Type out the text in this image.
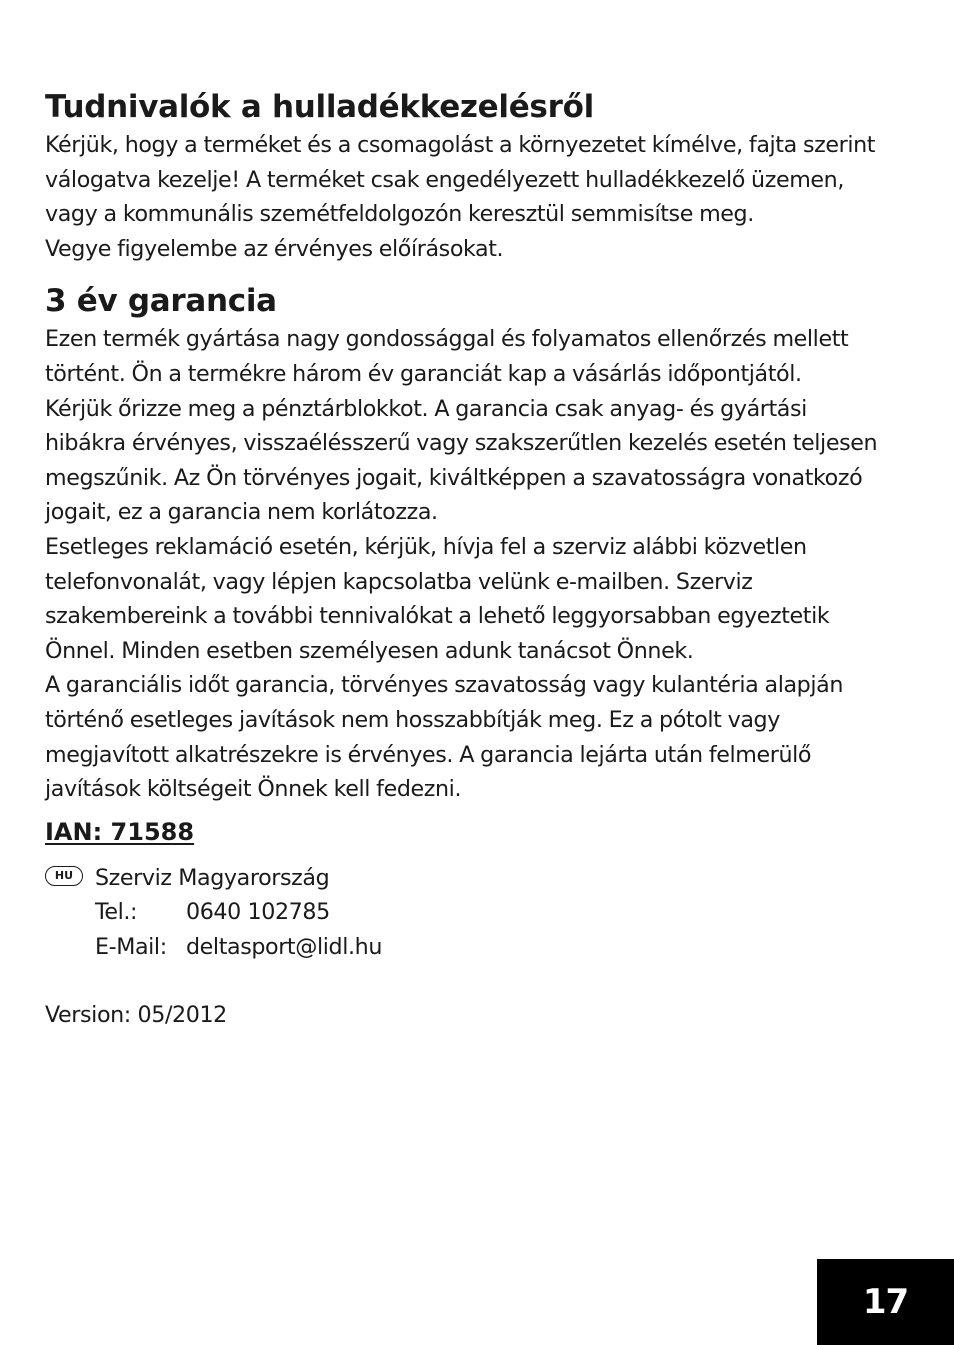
Tudnivalók a hulladékkezelésről

Kérjük, hogy a terméket és a csomagolást a környezetet kímélve, fajta szerint
válogatva kezelje! A terméket csak engedélyezett hulladékkezelő üzemen,
vagy a kommunális szemétfeldolgozón keresztül semmisítse meg.
Vegye figyelembe az érvényes előírásokat.

3 év garancia

Ezen termék gyártása nagy gondossággal és folyamatos ellenőrzés mellett
történt. Ön a termékre három év garanciát kap a vásárlás időpontjától.
Kérjük őrizze meg a pénztárblokkot. A garancia csak anyag- és gyártási
hibákra érvényes, visszaélésszerű vagy szakszerűtlen kezelés esetén teljesen
megszűnik. Az Ön törvényes jogait, kiváltképpen a szavatosságra vonatkozó
jogait, ez a garancia nem korlátozza.
Esetleges reklamáció esetén, kérjük, hívja fel a szerviz alábbi közvetlen
telefonvonalát, vagy lépjen kapcsolatba velünk e-mailben. Szerviz
szakembereink a további tennivalókat a lehető leggyorsabban egyeztetik
Önnel. Minden esetben személyesen adunk tanácsot Önnek.
A garanciális időt garancia, törvényes szavatosság vagy kulantéria alapján
történő esetleges javítások nem hosszabbítják meg. Ez a pótolt vagy
megjavított alkatrészekre is érvényes. A garancia lejárta után felmerülő
javítások költségeit Önnek kell fedezni.

IAN: 71588

HU Szerviz Magyarország
Tel.: 0640 102785
E-Mail: deltasport@lidl.hu
Version: 05/2012
17
